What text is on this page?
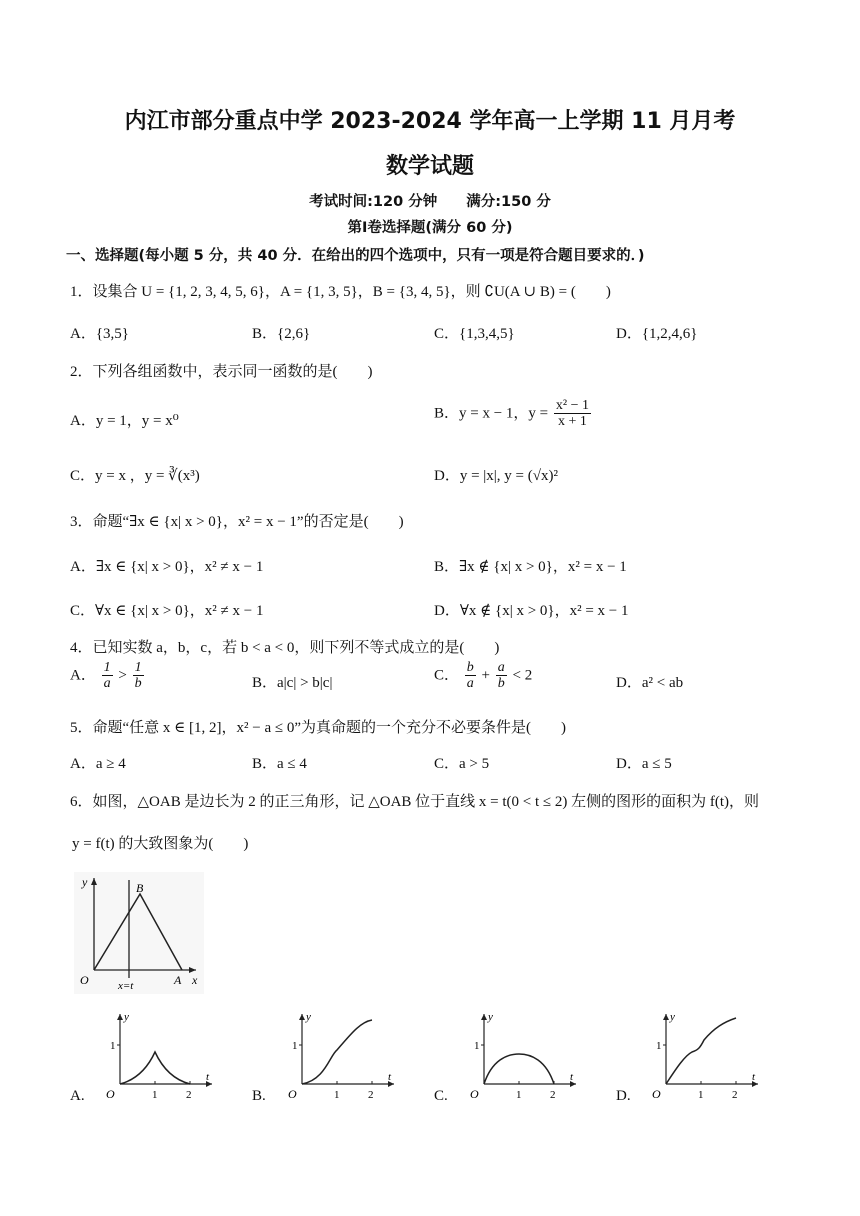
内江市部分重点中学 2023-2024 学年高一上学期 11 月月考
数学试题
考试时间:120 分钟　　满分:150 分
第Ⅰ卷选择题(满分 60 分)
一、选择题(每小题 5 分，共 40 分．在给出的四个选项中，只有一项是符合题目要求的．)
1．设集合 U = {1, 2, 3, 4, 5, 6}，A = {1, 3, 5}，B = {3, 4, 5}，则 ∁U(A ∪ B) = (　　)
A．{3,5}	B．{2,6}	C．{1,3,4,5}	D．{1,2,4,6}
2．下列各组函数中，表示同一函数的是(　　)
A．y = 1，y = x⁰	B．y = x − 1，$y = \frac{\text{x² − 1}}{x + 1}$
C．y = x ，y = ∛(x³)	D．y = |x|, y = (√x)²
3．命题“∃x ∈ {x| x > 0}，x² = x − 1”的否定是(　　)
A．∃x ∈ {x| x > 0}，x² ≠ x − 1	B．∃x ∉ {x| x > 0}，x² = x − 1
C．∀x ∈ {x| x > 0}，x² ≠ x − 1	D．∀x ∉ {x| x > 0}，x² = x − 1
4．已知实数 a，b，c，若 b < a < 0，则下列不等式成立的是(　　)
A． $\frac{1}{a} > \frac{1}{b}$	B．a|c| > b|c|	C． $\frac{b}{a} + \frac{a}{b} < 2$	D．a² < ab
5．命题“任意 x ∈ [1, 2]，x² − a ≤ 0”为真命题的一个充分不必要条件是(　　)
A．a ≥ 4	B．a ≤ 4	C．a > 5	D．a ≤ 5
6．如图，△OAB 是边长为 2 的正三角形，记 △OAB 位于直线 x = t(0 < t ≤ 2) 左侧的图形的面积为 f(t)，则
y = f(t) 的大致图象为(　　)
y	B
O	A x
x=t
A.
y
t
O
1
1	2	B.
y
t
O
1
1	2	C.
y
t
O
1
1	2	D.
y
t
O
1
1	2
